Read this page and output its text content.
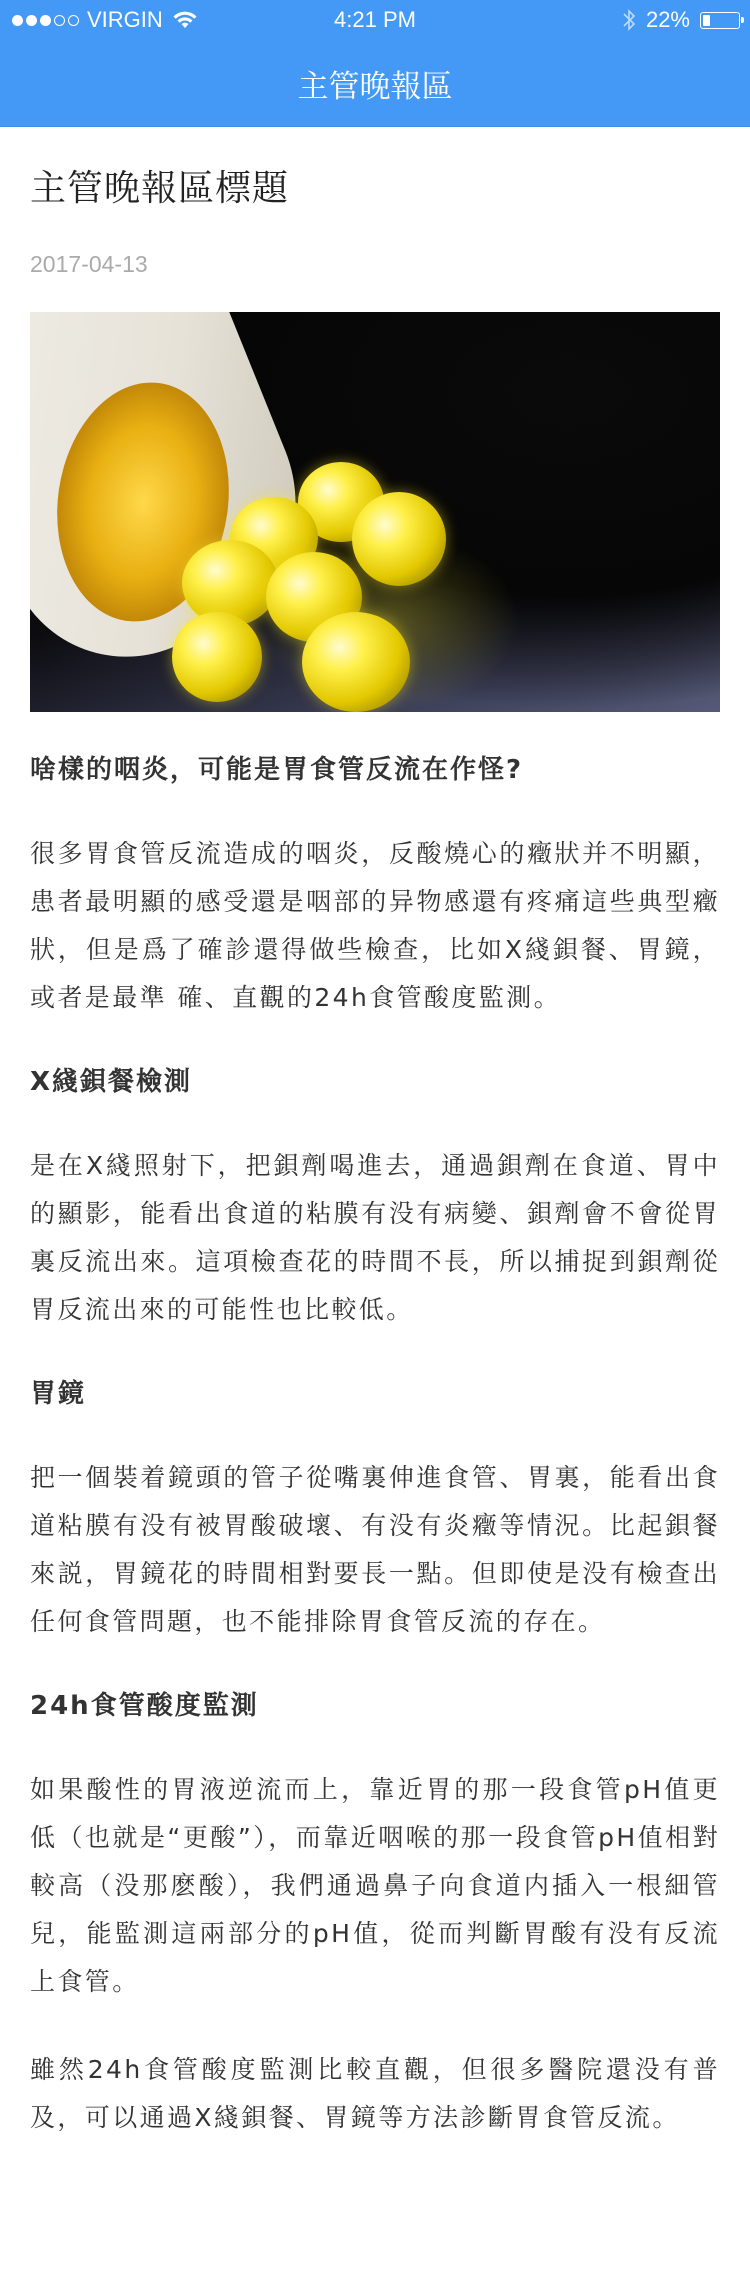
VIRGIN	4:21 PM	22%
主管晚報區
主管晚報區標題
2017-04-13
啥樣的咽炎，可能是胃食管反流在作怪?

很多胃食管反流造成的咽炎，反酸燒心的癥狀并不明顯，患者最明顯的感受還是咽部的异物感還有疼痛這些典型癥狀，但是爲了確診還得做些檢查，比如X綫鋇餐、胃鏡，或者是最準 確、直觀的24h食管酸度監測。

X綫鋇餐檢測

是在X綫照射下，把鋇劑喝進去，通過鋇劑在食道、胃中的顯影，能看出食道的粘膜有没有病變、鋇劑會不會從胃裏反流出來。這項檢查花的時間不長，所以捕捉到鋇劑從胃反流出來的可能性也比較低。

胃鏡

把一個裝着鏡頭的管子從嘴裏伸進食管、胃裏，能看出食道粘膜有没有被胃酸破壞、有没有炎癥等情況。比起鋇餐來説，胃鏡花的時間相對要長一點。但即使是没有檢查出任何食管問題，也不能排除胃食管反流的存在。

24h食管酸度監測

如果酸性的胃液逆流而上，靠近胃的那一段食管pH值更低（也就是“更酸”），而靠近咽喉的那一段食管pH值相對較高（没那麽酸），我們通過鼻子向食道内插入一根細管兒，能監測這兩部分的pH值，從而判斷胃酸有没有反流上食管。

雖然24h食管酸度監測比較直觀，但很多醫院還没有普及，可以通過X綫鋇餐、胃鏡等方法診斷胃食管反流。
